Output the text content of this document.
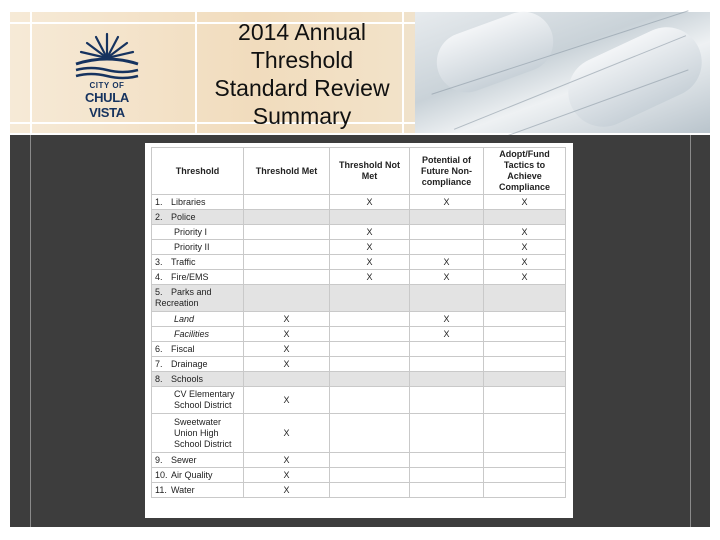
CITY OF
CHULA VISTA
2014 Annual
Threshold
Standard Review
Summary
Threshold	Threshold Met	Threshold Not Met	Potential of Future Non-compliance	Adopt/Fund Tactics to Achieve Compliance
1. Libraries		X	X	X
2. Police				
Priority I		X		X
Priority II		X		X
3. Traffic		X	X	X
4. Fire/EMS		X	X	X
5. Parks and Recreation				
Land	X		X	
Facilities	X		X	
6. Fiscal	X			
7. Drainage	X			
8. Schools				
CV Elementary School District	X			
Sweetwater Union High School District	X			
9. Sewer	X			
10. Air Quality	X			
11. Water	X			
